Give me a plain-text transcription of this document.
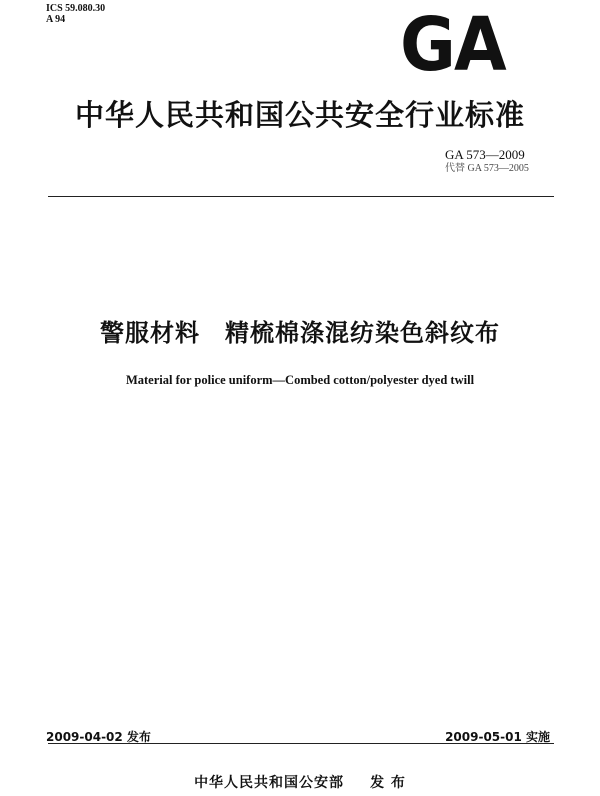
ICS 59.080.30
A 94	GA
中华人民共和国公共安全行业标准
GA 573—2009
代替 GA 573—2005
警服材料　精梳棉涤混纺染色斜纹布
Material for police uniform—Combed cotton/polyester dyed twill
2009-04-02 发布	2009-05-01 实施
中华人民共和国公安部 发 布
